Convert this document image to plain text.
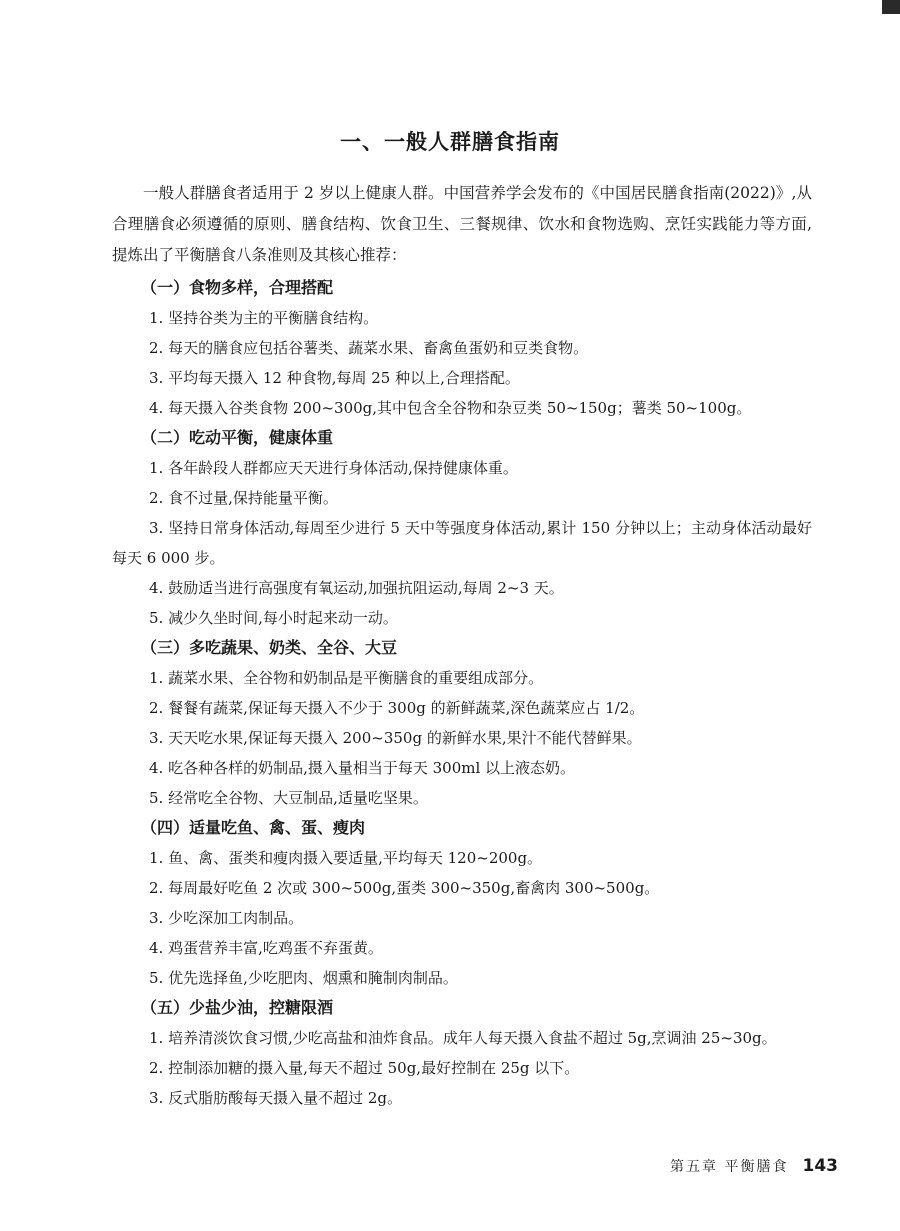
一、一般人群膳食指南

一般人群膳食者适用于 2 岁以上健康人群。中国营养学会发布的《中国居民膳食指南(2022)》,从合理膳食必须遵循的原则、膳食结构、饮食卫生、三餐规律、饮水和食物选购、烹饪实践能力等方面,提炼出了平衡膳食八条准则及其核心推荐：

（一）食物多样，合理搭配

1. 坚持谷类为主的平衡膳食结构。

2. 每天的膳食应包括谷薯类、蔬菜水果、畜禽鱼蛋奶和豆类食物。

3. 平均每天摄入 12 种食物,每周 25 种以上,合理搭配。

4. 每天摄入谷类食物 200~300g,其中包含全谷物和杂豆类 50~150g；薯类 50~100g。

（二）吃动平衡，健康体重

1. 各年龄段人群都应天天进行身体活动,保持健康体重。

2. 食不过量,保持能量平衡。

3. 坚持日常身体活动,每周至少进行 5 天中等强度身体活动,累计 150 分钟以上；主动身体活动最好每天 6 000 步。

4. 鼓励适当进行高强度有氧运动,加强抗阻运动,每周 2~3 天。

5. 减少久坐时间,每小时起来动一动。

（三）多吃蔬果、奶类、全谷、大豆

1. 蔬菜水果、全谷物和奶制品是平衡膳食的重要组成部分。

2. 餐餐有蔬菜,保证每天摄入不少于 300g 的新鲜蔬菜,深色蔬菜应占 1/2。

3. 天天吃水果,保证每天摄入 200~350g 的新鲜水果,果汁不能代替鲜果。

4. 吃各种各样的奶制品,摄入量相当于每天 300ml 以上液态奶。

5. 经常吃全谷物、大豆制品,适量吃坚果。

（四）适量吃鱼、禽、蛋、瘦肉

1. 鱼、禽、蛋类和瘦肉摄入要适量,平均每天 120~200g。

2. 每周最好吃鱼 2 次或 300~500g,蛋类 300~350g,畜禽肉 300~500g。

3. 少吃深加工肉制品。

4. 鸡蛋营养丰富,吃鸡蛋不弃蛋黄。

5. 优先选择鱼,少吃肥肉、烟熏和腌制肉制品。

（五）少盐少油，控糖限酒

1. 培养清淡饮食习惯,少吃高盐和油炸食品。成年人每天摄入食盐不超过 5g,烹调油 25~30g。

2. 控制添加糖的摄入量,每天不超过 50g,最好控制在 25g 以下。

3. 反式脂肪酸每天摄入量不超过 2g。

第五章 平衡膳食 143
